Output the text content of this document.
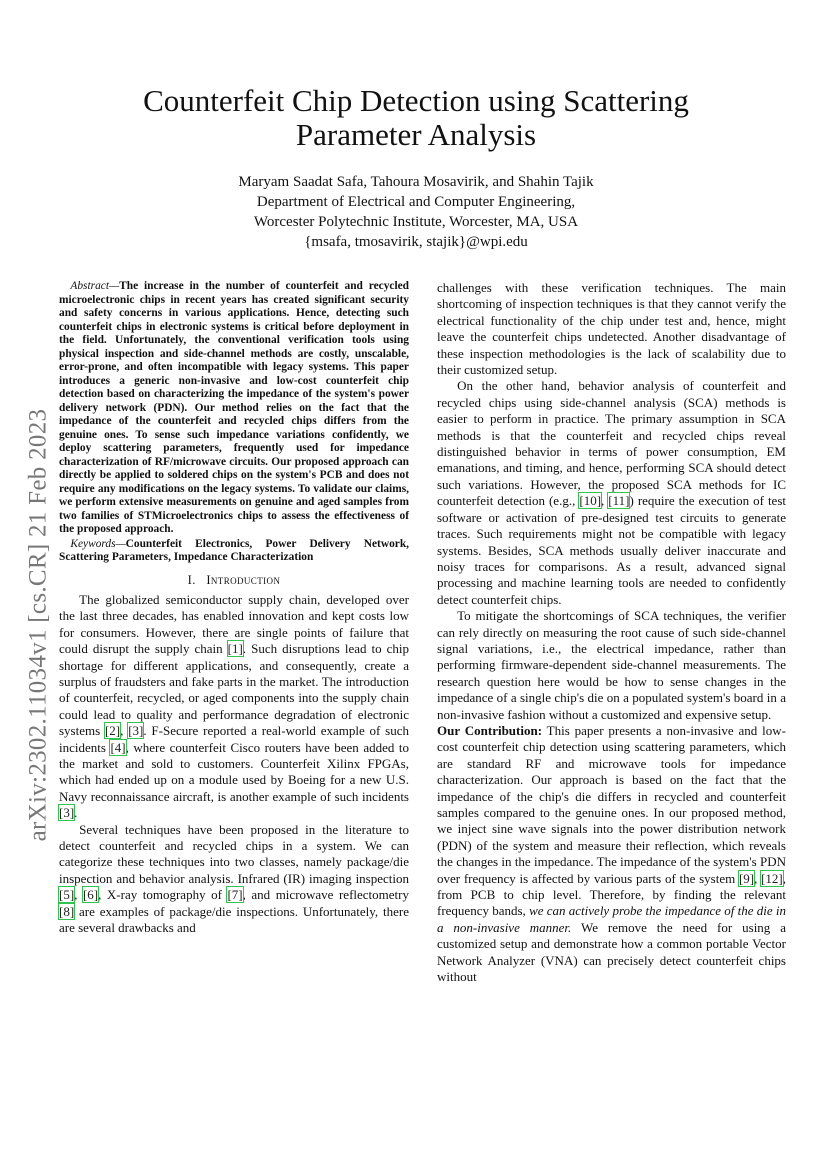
arXiv:2302.11034v1 [cs.CR] 21 Feb 2023
Counterfeit Chip Detection using Scattering Parameter Analysis
Maryam Saadat Safa, Tahoura Mosavirik, and Shahin Tajik
Department of Electrical and Computer Engineering,
Worcester Polytechnic Institute, Worcester, MA, USA
{msafa, tmosavirik, stajik}@wpi.edu

Abstract—The increase in the number of counterfeit and recycled microelectronic chips in recent years has created significant security and safety concerns in various applications. Hence, detecting such counterfeit chips in electronic systems is critical before deployment in the field. Unfortunately, the conventional verification tools using physical inspection and side-channel methods are costly, unscalable, error-prone, and often incompatible with legacy systems. This paper introduces a generic non-invasive and low-cost counterfeit chip detection based on characterizing the impedance of the system's power delivery network (PDN). Our method relies on the fact that the impedance of the counterfeit and recycled chips differs from the genuine ones. To sense such impedance variations confidently, we deploy scattering parameters, frequently used for impedance characterization of RF/microwave circuits. Our proposed approach can directly be applied to soldered chips on the system's PCB and does not require any modifications on the legacy systems. To validate our claims, we perform extensive measurements on genuine and aged samples from two families of STMicroelectronics chips to assess the effectiveness of the proposed approach.

Keywords—Counterfeit Electronics, Power Delivery Network, Scattering Parameters, Impedance Characterization

I. Introduction

The globalized semiconductor supply chain, developed over the last three decades, has enabled innovation and kept costs low for consumers. However, there are single points of failure that could disrupt the supply chain [1]. Such disruptions lead to chip shortage for different applications, and consequently, create a surplus of fraudsters and fake parts in the market. The introduction of counterfeit, recycled, or aged components into the supply chain could lead to quality and performance degradation of electronic systems [2], [3]. F-Secure reported a real-world example of such incidents [4], where counterfeit Cisco routers have been added to the market and sold to customers. Counterfeit Xilinx FPGAs, which had ended up on a module used by Boeing for a new U.S. Navy reconnaissance aircraft, is another example of such incidents [3].

Several techniques have been proposed in the literature to detect counterfeit and recycled chips in a system. We can categorize these techniques into two classes, namely package/die inspection and behavior analysis. Infrared (IR) imaging inspection [5], [6], X-ray tomography of [7], and microwave reflectometry [8] are examples of package/die inspections. Unfortunately, there are several drawbacks and

challenges with these verification techniques. The main shortcoming of inspection techniques is that they cannot verify the electrical functionality of the chip under test and, hence, might leave the counterfeit chips undetected. Another disadvantage of these inspection methodologies is the lack of scalability due to their customized setup.

On the other hand, behavior analysis of counterfeit and recycled chips using side-channel analysis (SCA) methods is easier to perform in practice. The primary assumption in SCA methods is that the counterfeit and recycled chips reveal distinguished behavior in terms of power consumption, EM emanations, and timing, and hence, performing SCA should detect such variations. However, the proposed SCA methods for IC counterfeit detection (e.g., [10], [11]) require the execution of test software or activation of pre-designed test circuits to generate traces. Such requirements might not be compatible with legacy systems. Besides, SCA methods usually deliver inaccurate and noisy traces for comparisons. As a result, advanced signal processing and machine learning tools are needed to confidently detect counterfeit chips.

To mitigate the shortcomings of SCA techniques, the verifier can rely directly on measuring the root cause of such side-channel signal variations, i.e., the electrical impedance, rather than performing firmware-dependent side-channel measurements. The research question here would be how to sense changes in the impedance of a single chip's die on a populated system's board in a non-invasive fashion without a customized and expensive setup.

Our Contribution: This paper presents a non-invasive and low-cost counterfeit chip detection using scattering parameters, which are standard RF and microwave tools for impedance characterization. Our approach is based on the fact that the impedance of the chip's die differs in recycled and counterfeit samples compared to the genuine ones. In our proposed method, we inject sine wave signals into the power distribution network (PDN) of the system and measure their reflection, which reveals the changes in the impedance. The impedance of the system's PDN over frequency is affected by various parts of the system [9], [12], from PCB to chip level. Therefore, by finding the relevant frequency bands, we can actively probe the impedance of the die in a non-invasive manner. We remove the need for using a customized setup and demonstrate how a common portable Vector Network Analyzer (VNA) can precisely detect counterfeit chips without
